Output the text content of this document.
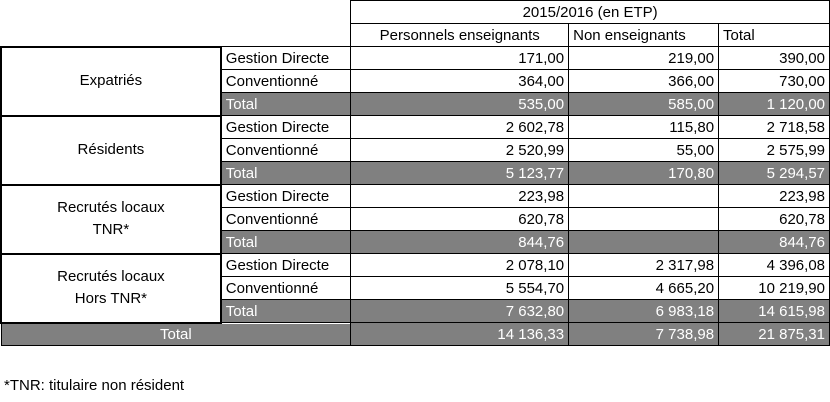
		2015/2016 (en ETP)		
		Personnels enseignants	Non enseignants	Total
Expatriés	Gestion Directe	171,00	219,00	390,00
	Conventionné	364,00	366,00	730,00
	Total	535,00	585,00	1 120,00
Résidents	Gestion Directe	2 602,78	115,80	2 718,58
	Conventionné	2 520,99	55,00	2 575,99
	Total	5 123,77	170,80	5 294,57
Recrutés locaux TNR*	Gestion Directe	223,98		223,98
	Conventionné	620,78		620,78
	Total	844,76		844,76
Recrutés locaux Hors TNR*	Gestion Directe	2 078,10	2 317,98	4 396,08
	Conventionné	5 554,70	4 665,20	10 219,90
	Total	7 632,80	6 983,18	14 615,98
Total		14 136,33	7 738,98	21 875,31
*TNR: titulaire non résident
